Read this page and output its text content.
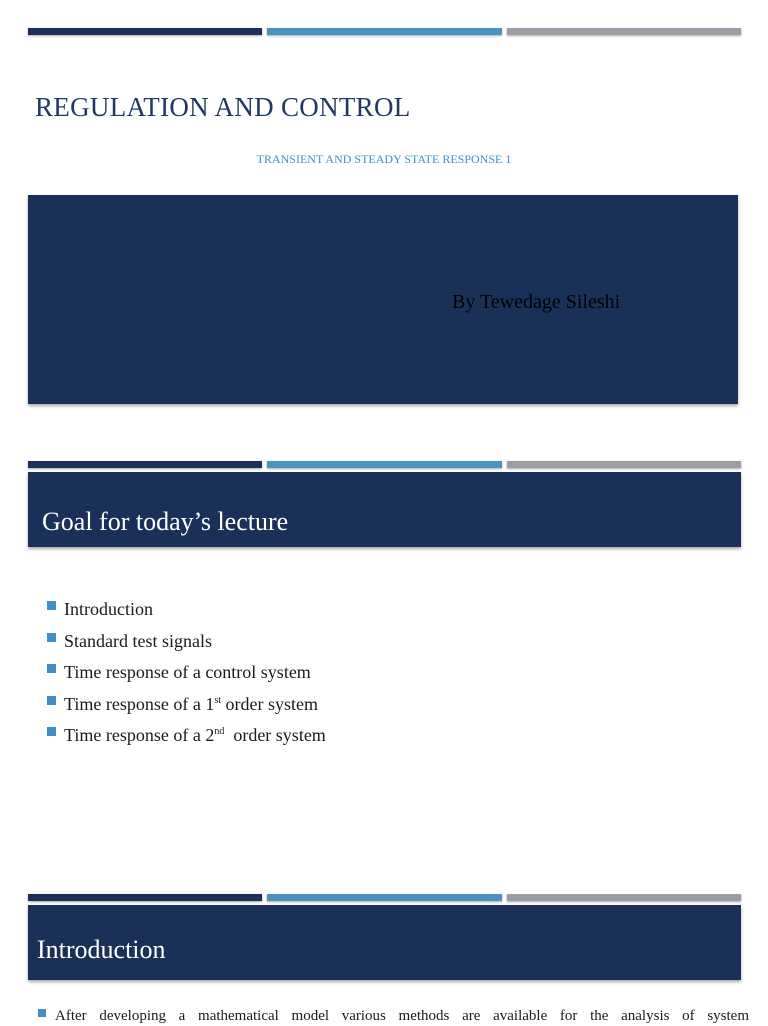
REGULATION AND CONTROL
TRANSIENT AND STEADY STATE RESPONSE 1
By Tewedage Sileshi
Goal for today’s lecture
Introduction
Standard test signals
Time response of a control system
Time response of a 1st order system
Time response of a 2nd  order system
Introduction
After developing a mathematical model various methods are available for the analysis of system
